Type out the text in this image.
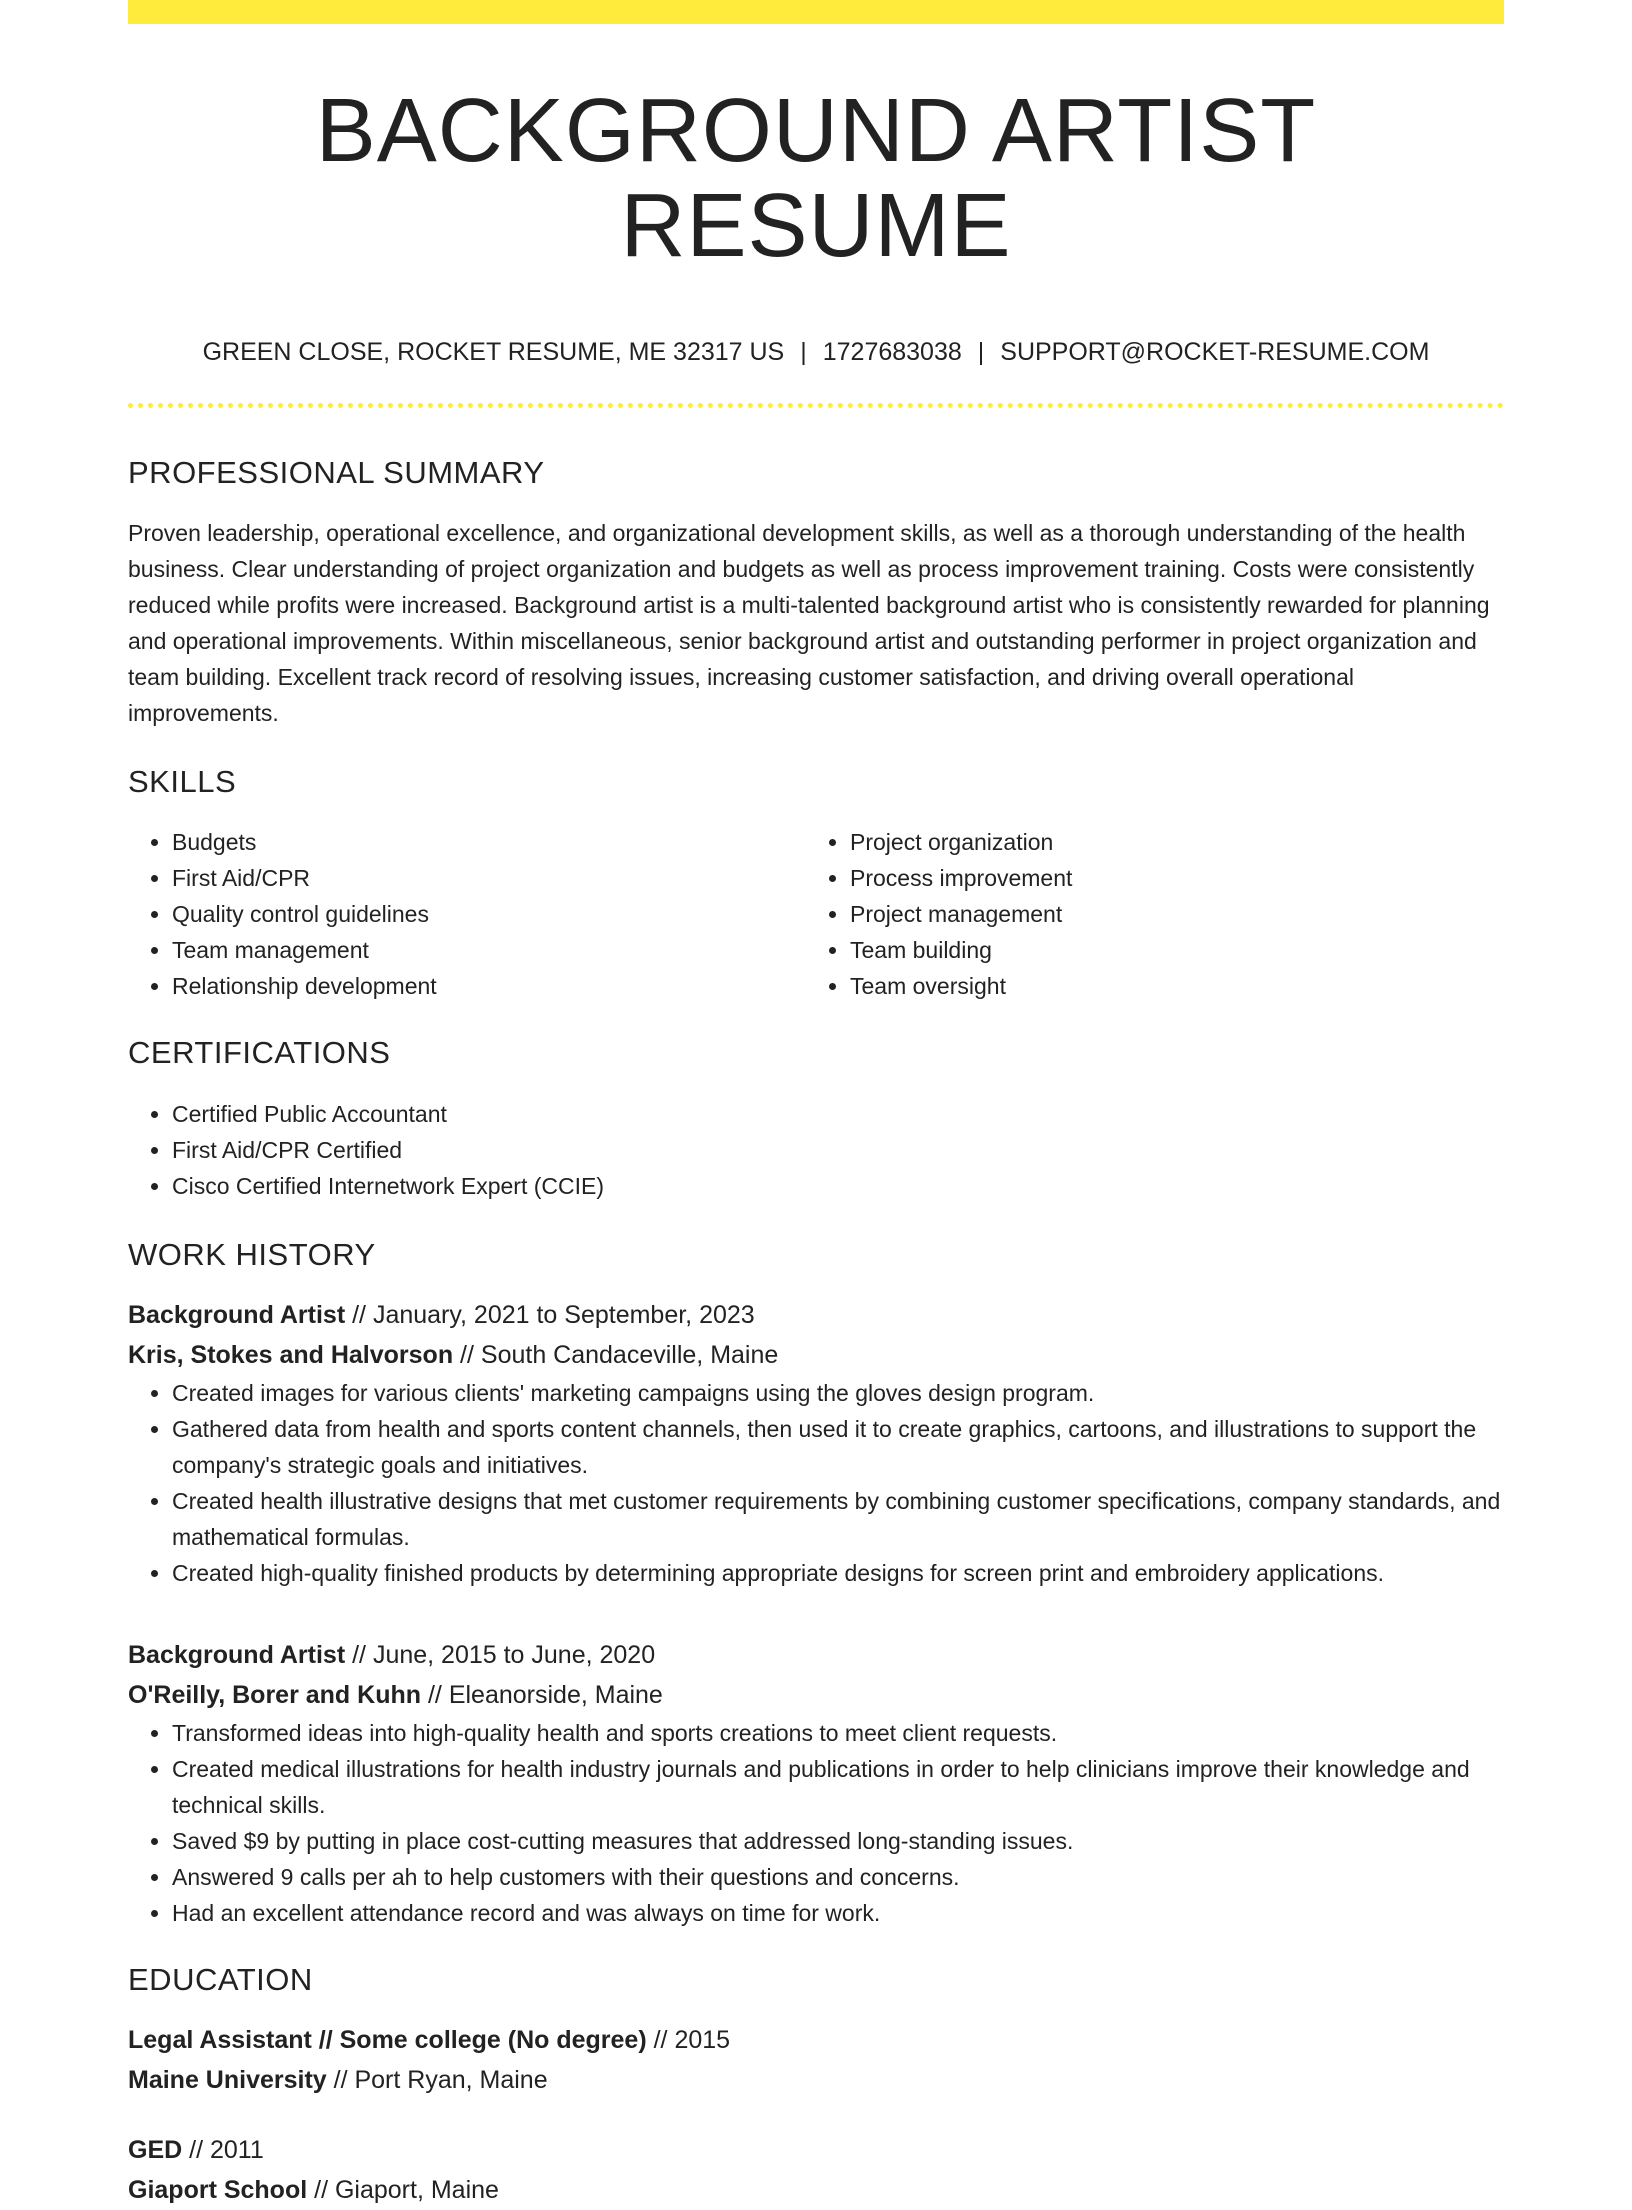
BACKGROUND ARTIST RESUME
GREEN CLOSE, ROCKET RESUME, ME 32317 US | 1727683038 | SUPPORT@ROCKET-RESUME.COM
PROFESSIONAL SUMMARY
Proven leadership, operational excellence, and organizational development skills, as well as a thorough understanding of the health business. Clear understanding of project organization and budgets as well as process improvement training. Costs were consistently reduced while profits were increased. Background artist is a multi-talented background artist who is consistently rewarded for planning and operational improvements. Within miscellaneous, senior background artist and outstanding performer in project organization and team building. Excellent track record of resolving issues, increasing customer satisfaction, and driving overall operational improvements.
SKILLS
• Budgets
• First Aid/CPR
• Quality control guidelines
• Team management
• Relationship development
• Project organization
• Process improvement
• Project management
• Team building
• Team oversight
CERTIFICATIONS
• Certified Public Accountant
• First Aid/CPR Certified
• Cisco Certified Internetwork Expert (CCIE)
WORK HISTORY
Background Artist // January, 2021 to September, 2023
Kris, Stokes and Halvorson // South Candaceville, Maine
• Created images for various clients' marketing campaigns using the gloves design program.
• Gathered data from health and sports content channels, then used it to create graphics, cartoons, and illustrations to support the company's strategic goals and initiatives.
• Created health illustrative designs that met customer requirements by combining customer specifications, company standards, and mathematical formulas.
• Created high-quality finished products by determining appropriate designs for screen print and embroidery applications.
Background Artist // June, 2015 to June, 2020
O'Reilly, Borer and Kuhn // Eleanorside, Maine
• Transformed ideas into high-quality health and sports creations to meet client requests.
• Created medical illustrations for health industry journals and publications in order to help clinicians improve their knowledge and technical skills.
• Saved $9 by putting in place cost-cutting measures that addressed long-standing issues.
• Answered 9 calls per ah to help customers with their questions and concerns.
• Had an excellent attendance record and was always on time for work.
EDUCATION
Legal Assistant // Some college (No degree) // 2015
Maine University // Port Ryan, Maine
GED // 2011
Giaport School // Giaport, Maine
